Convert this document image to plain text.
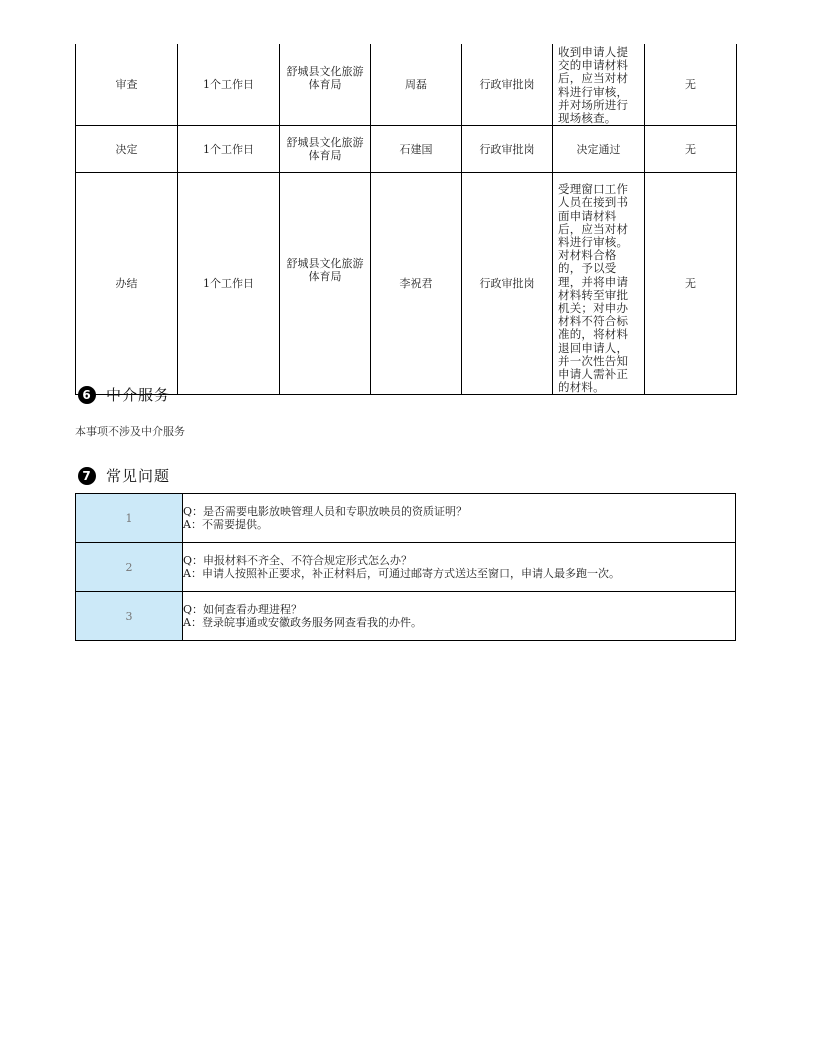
审查	1个工作日	舒城县文化旅游体育局	周磊	行政审批岗	收到申请人提交的申请材料后，应当对材料进行审核，并对场所进行现场核查。	无
决定	1个工作日	舒城县文化旅游体育局	石建国	行政审批岗	决定通过	无
办结	1个工作日	舒城县文化旅游体育局	李祝君	行政审批岗	受理窗口工作人员在接到书面申请材料后，应当对材料进行审核。对材料合格的，予以受理，并将申请材料转至审批机关；对申办材料不符合标准的，将材料退回申请人，并一次性告知申请人需补正的材料。	无
6 中介服务
本事项不涉及中介服务
7 常见问题
1	Q：是否需要电影放映管理人员和专职放映员的资质证明？
A：不需要提供。

2	Q：申报材料不齐全、不符合规定形式怎么办？
A：申请人按照补正要求，补正材料后，可通过邮寄方式送达至窗口，申请人最多跑一次。

3	Q：如何查看办理进程？
A：登录皖事通或安徽政务服务网查看我的办件。
